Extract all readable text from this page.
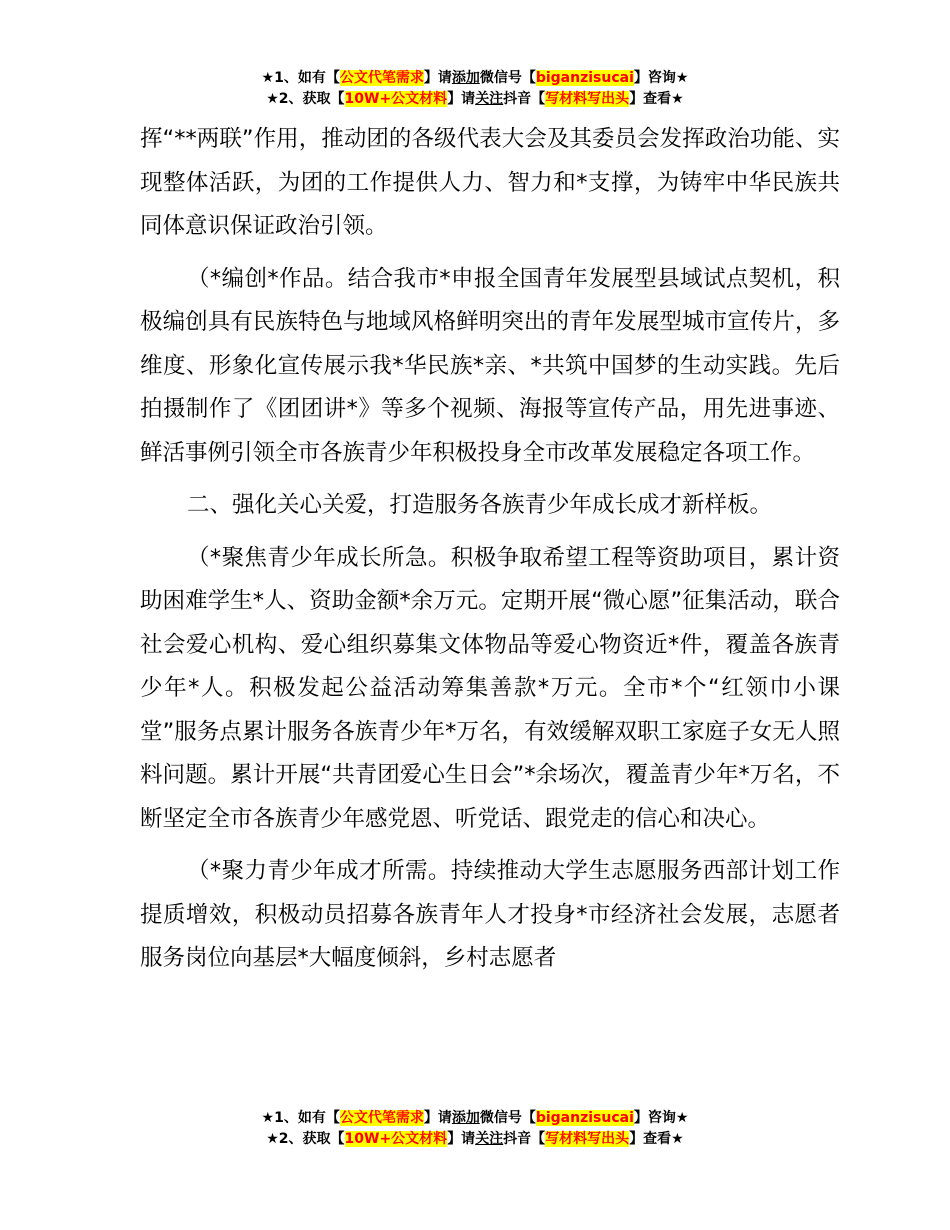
★1、如有【公文代笔需求】请添加微信号【biganzisucai】咨询★
★2、获取【10W+公文材料】请关注抖音【写材料写出头】查看★

挥“**两联”作用，推动团的各级代表大会及其委员会发挥政治功能、实现整体活跃，为团的工作提供人力、智力和*支撑，为铸牢中华民族共同体意识保证政治引领。

（*编创*作品。结合我市*申报全国青年发展型县域试点契机，积极编创具有民族特色与地域风格鲜明突出的青年发展型城市宣传片，多维度、形象化宣传展示我*华民族*亲、*共筑中国梦的生动实践。先后拍摄制作了《团团讲*》等多个视频、海报等宣传产品，用先进事迹、鲜活事例引领全市各族青少年积极投身全市改革发展稳定各项工作。

二、强化关心关爱，打造服务各族青少年成长成才新样板。

（*聚焦青少年成长所急。积极争取希望工程等资助项目，累计资助困难学生*人、资助金额*余万元。定期开展“微心愿”征集活动，联合社会爱心机构、爱心组织募集文体物品等爱心物资近*件，覆盖各族青少年*人。积极发起公益活动筹集善款*万元。全市*个“红领巾小课堂”服务点累计服务各族青少年*万名，有效缓解双职工家庭子女无人照料问题。累计开展“共青团爱心生日会”*余场次，覆盖青少年*万名，不断坚定全市各族青少年感党恩、听党话、跟党走的信心和决心。

（*聚力青少年成才所需。持续推动大学生志愿服务西部计划工作提质增效，积极动员招募各族青年人才投身*市经济社会发展，志愿者服务岗位向基层*大幅度倾斜，乡村志愿者

★1、如有【公文代笔需求】请添加微信号【biganzisucai】咨询★
★2、获取【10W+公文材料】请关注抖音【写材料写出头】查看★
